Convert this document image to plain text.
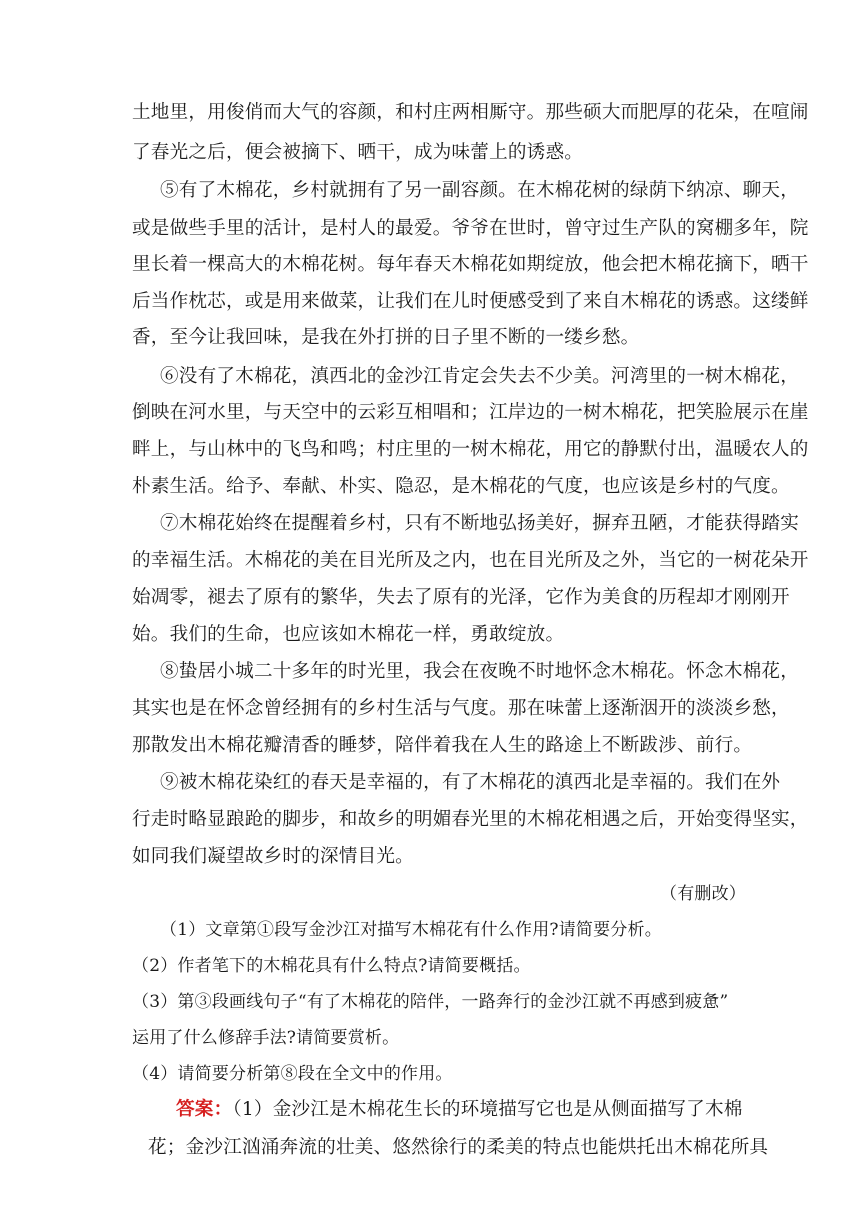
土地里，用俊俏而大气的容颜，和村庄两相厮守。那些硕大而肥厚的花朵，在喧闹
了春光之后，便会被摘下、晒干，成为味蕾上的诱惑。
⑤有了木棉花，乡村就拥有了另一副容颜。在木棉花树的绿荫下纳凉、聊天，
或是做些手里的活计，是村人的最爱。爷爷在世时，曾守过生产队的窝棚多年，院
里长着一棵高大的木棉花树。每年春天木棉花如期绽放，他会把木棉花摘下，晒干
后当作枕芯，或是用来做菜，让我们在儿时便感受到了来自木棉花的诱惑。这缕鲜
香，至今让我回味，是我在外打拼的日子里不断的一缕乡愁。
⑥没有了木棉花，滇西北的金沙江肯定会失去不少美。河湾里的一树木棉花，
倒映在河水里，与天空中的云彩互相唱和；江岸边的一树木棉花，把笑脸展示在崖
畔上，与山林中的飞鸟和鸣；村庄里的一树木棉花，用它的静默付出，温暖农人的
朴素生活。给予、奉献、朴实、隐忍，是木棉花的气度，也应该是乡村的气度。
⑦木棉花始终在提醒着乡村，只有不断地弘扬美好，摒弃丑陋，才能获得踏实
的幸福生活。木棉花的美在目光所及之内，也在目光所及之外，当它的一树花朵开
始凋零，褪去了原有的繁华，失去了原有的光泽，它作为美食的历程却才刚刚开
始。我们的生命，也应该如木棉花一样，勇敢绽放。
⑧蛰居小城二十多年的时光里，我会在夜晚不时地怀念木棉花。怀念木棉花，
其实也是在怀念曾经拥有的乡村生活与气度。那在味蕾上逐渐洇开的淡淡乡愁，
那散发出木棉花瓣清香的睡梦，陪伴着我在人生的路途上不断跋涉、前行。
⑨被木棉花染红的春天是幸福的，有了木棉花的滇西北是幸福的。我们在外
行走时略显踉跄的脚步，和故乡的明媚春光里的木棉花相遇之后，开始变得坚实，
如同我们凝望故乡时的深情目光。
（有删改）
（1）文章第①段写金沙江对描写木棉花有什么作用?请简要分析。
（2）作者笔下的木棉花具有什么特点?请简要概括。
（3）第③段画线句子“有了木棉花的陪伴，一路奔行的金沙江就不再感到疲惫”
运用了什么修辞手法?请简要赏析。
（4）请简要分析第⑧段在全文中的作用。
答案：（1）金沙江是木棉花生长的环境描写它也是从侧面描写了木棉
花；金沙江汹涌奔流的壮美、悠然徐行的柔美的特点也能烘托出木棉花所具
